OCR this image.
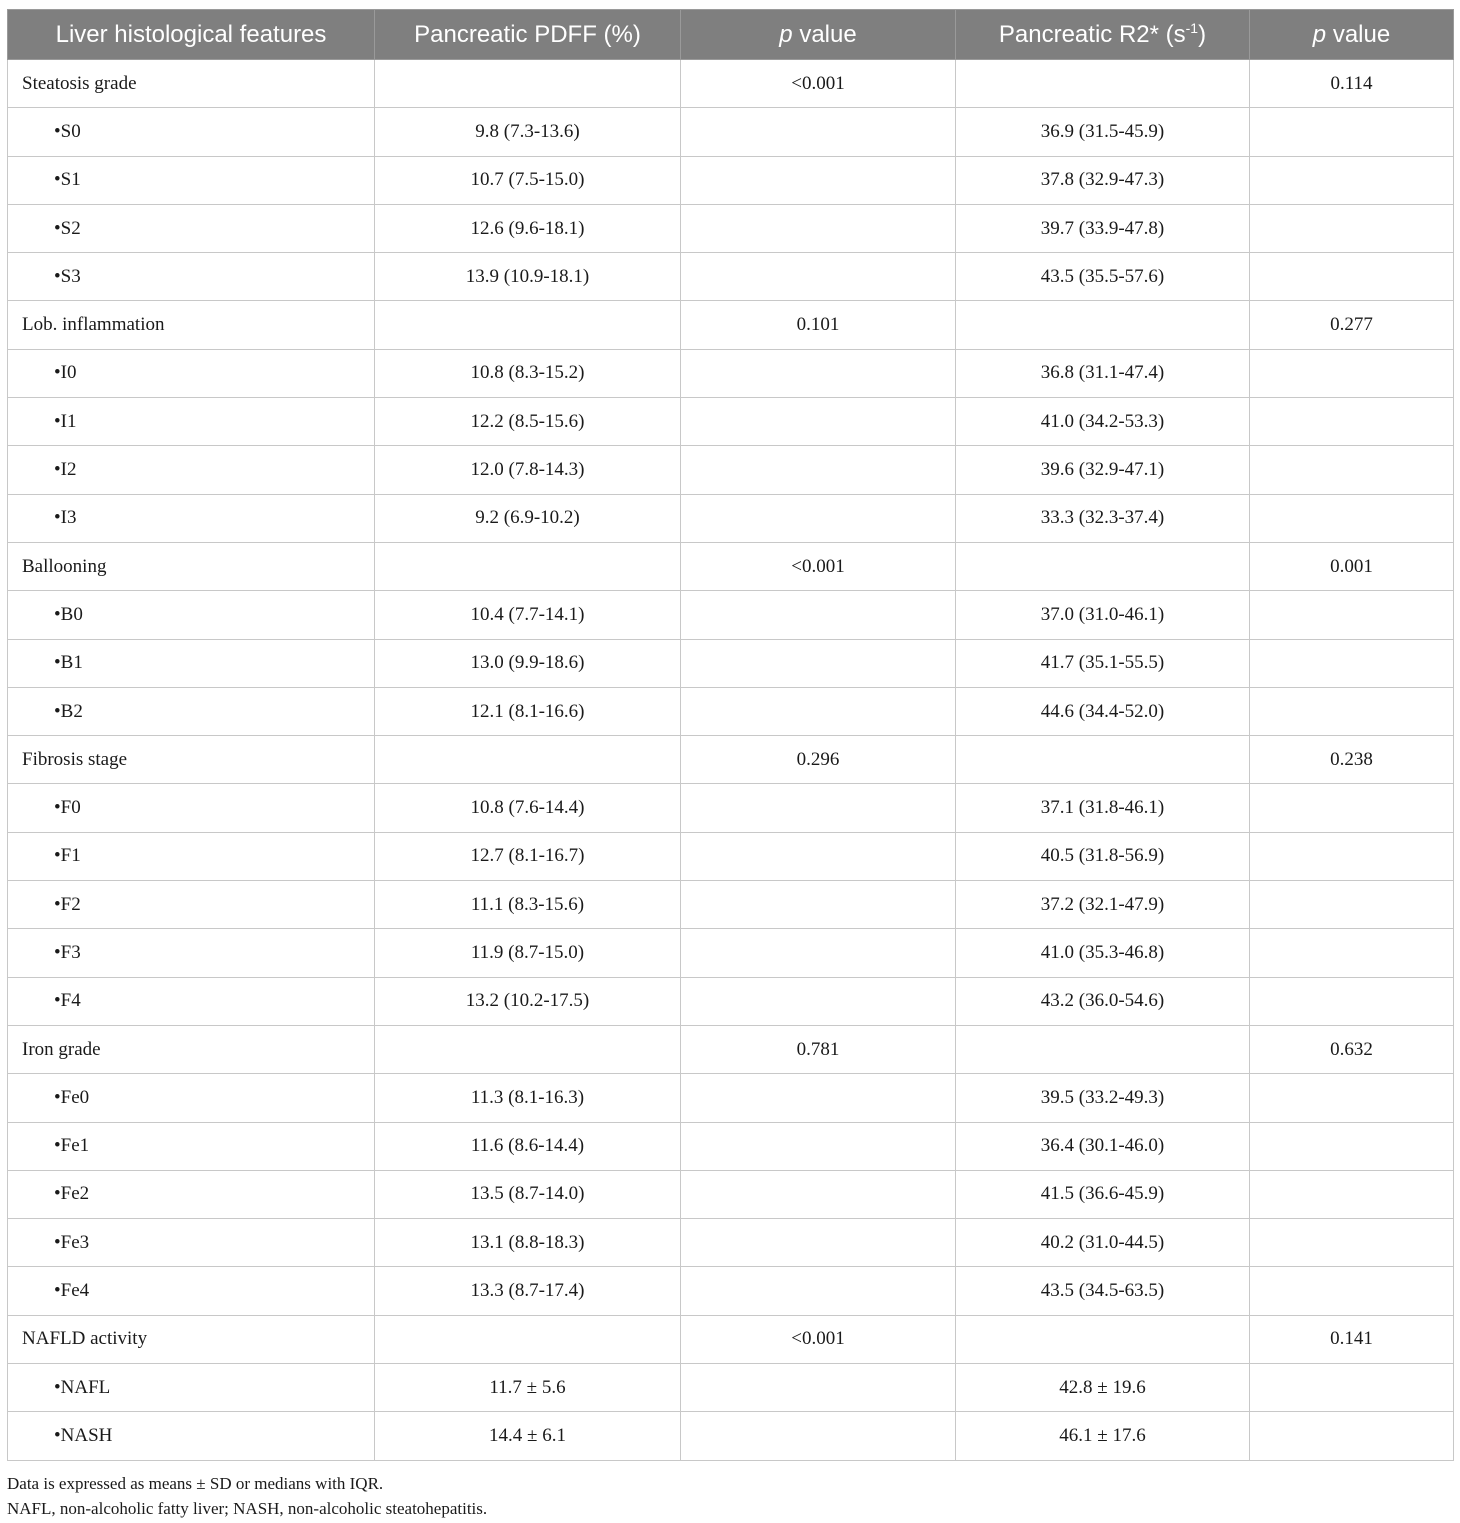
Liver histological features	Pancreatic PDFF (%)	p value	Pancreatic R2* $(s^{-1})$	p value
Steatosis grade		<0.001		0.114
•S0	9.8 (7.3-13.6)		36.9 (31.5-45.9)	
•S1	10.7 (7.5-15.0)		37.8 (32.9-47.3)	
•S2	12.6 (9.6-18.1)		39.7 (33.9-47.8)	
•S3	13.9 (10.9-18.1)		43.5 (35.5-57.6)	
Lob. inflammation		0.101		0.277
•I0	10.8 (8.3-15.2)		36.8 (31.1-47.4)	
•I1	12.2 (8.5-15.6)		41.0 (34.2-53.3)	
•I2	12.0 (7.8-14.3)		39.6 (32.9-47.1)	
•I3	9.2 (6.9-10.2)		33.3 (32.3-37.4)	
Ballooning		<0.001		0.001
•B0	10.4 (7.7-14.1)		37.0 (31.0-46.1)	
•B1	13.0 (9.9-18.6)		41.7 (35.1-55.5)	
•B2	12.1 (8.1-16.6)		44.6 (34.4-52.0)	
Fibrosis stage		0.296		0.238
•F0	10.8 (7.6-14.4)		37.1 (31.8-46.1)	
•F1	12.7 (8.1-16.7)		40.5 (31.8-56.9)	
•F2	11.1 (8.3-15.6)		37.2 (32.1-47.9)	
•F3	11.9 (8.7-15.0)		41.0 (35.3-46.8)	
•F4	13.2 (10.2-17.5)		43.2 (36.0-54.6)	
Iron grade		0.781		0.632
•Fe0	11.3 (8.1-16.3)		39.5 (33.2-49.3)	
•Fe1	11.6 (8.6-14.4)		36.4 (30.1-46.0)	
•Fe2	13.5 (8.7-14.0)		41.5 (36.6-45.9)	
•Fe3	13.1 (8.8-18.3)		40.2 (31.0-44.5)	
•Fe4	13.3 (8.7-17.4)		43.5 (34.5-63.5)	
NAFLD activity		<0.001		0.141
•NAFL	11.7 ± 5.6		42.8 ± 19.6	
•NASH	14.4 ± 6.1		46.1 ± 17.6	
Data is expressed as means ± SD or medians with IQR.
NAFL, non-alcoholic fatty liver; NASH, non-alcoholic steatohepatitis.
